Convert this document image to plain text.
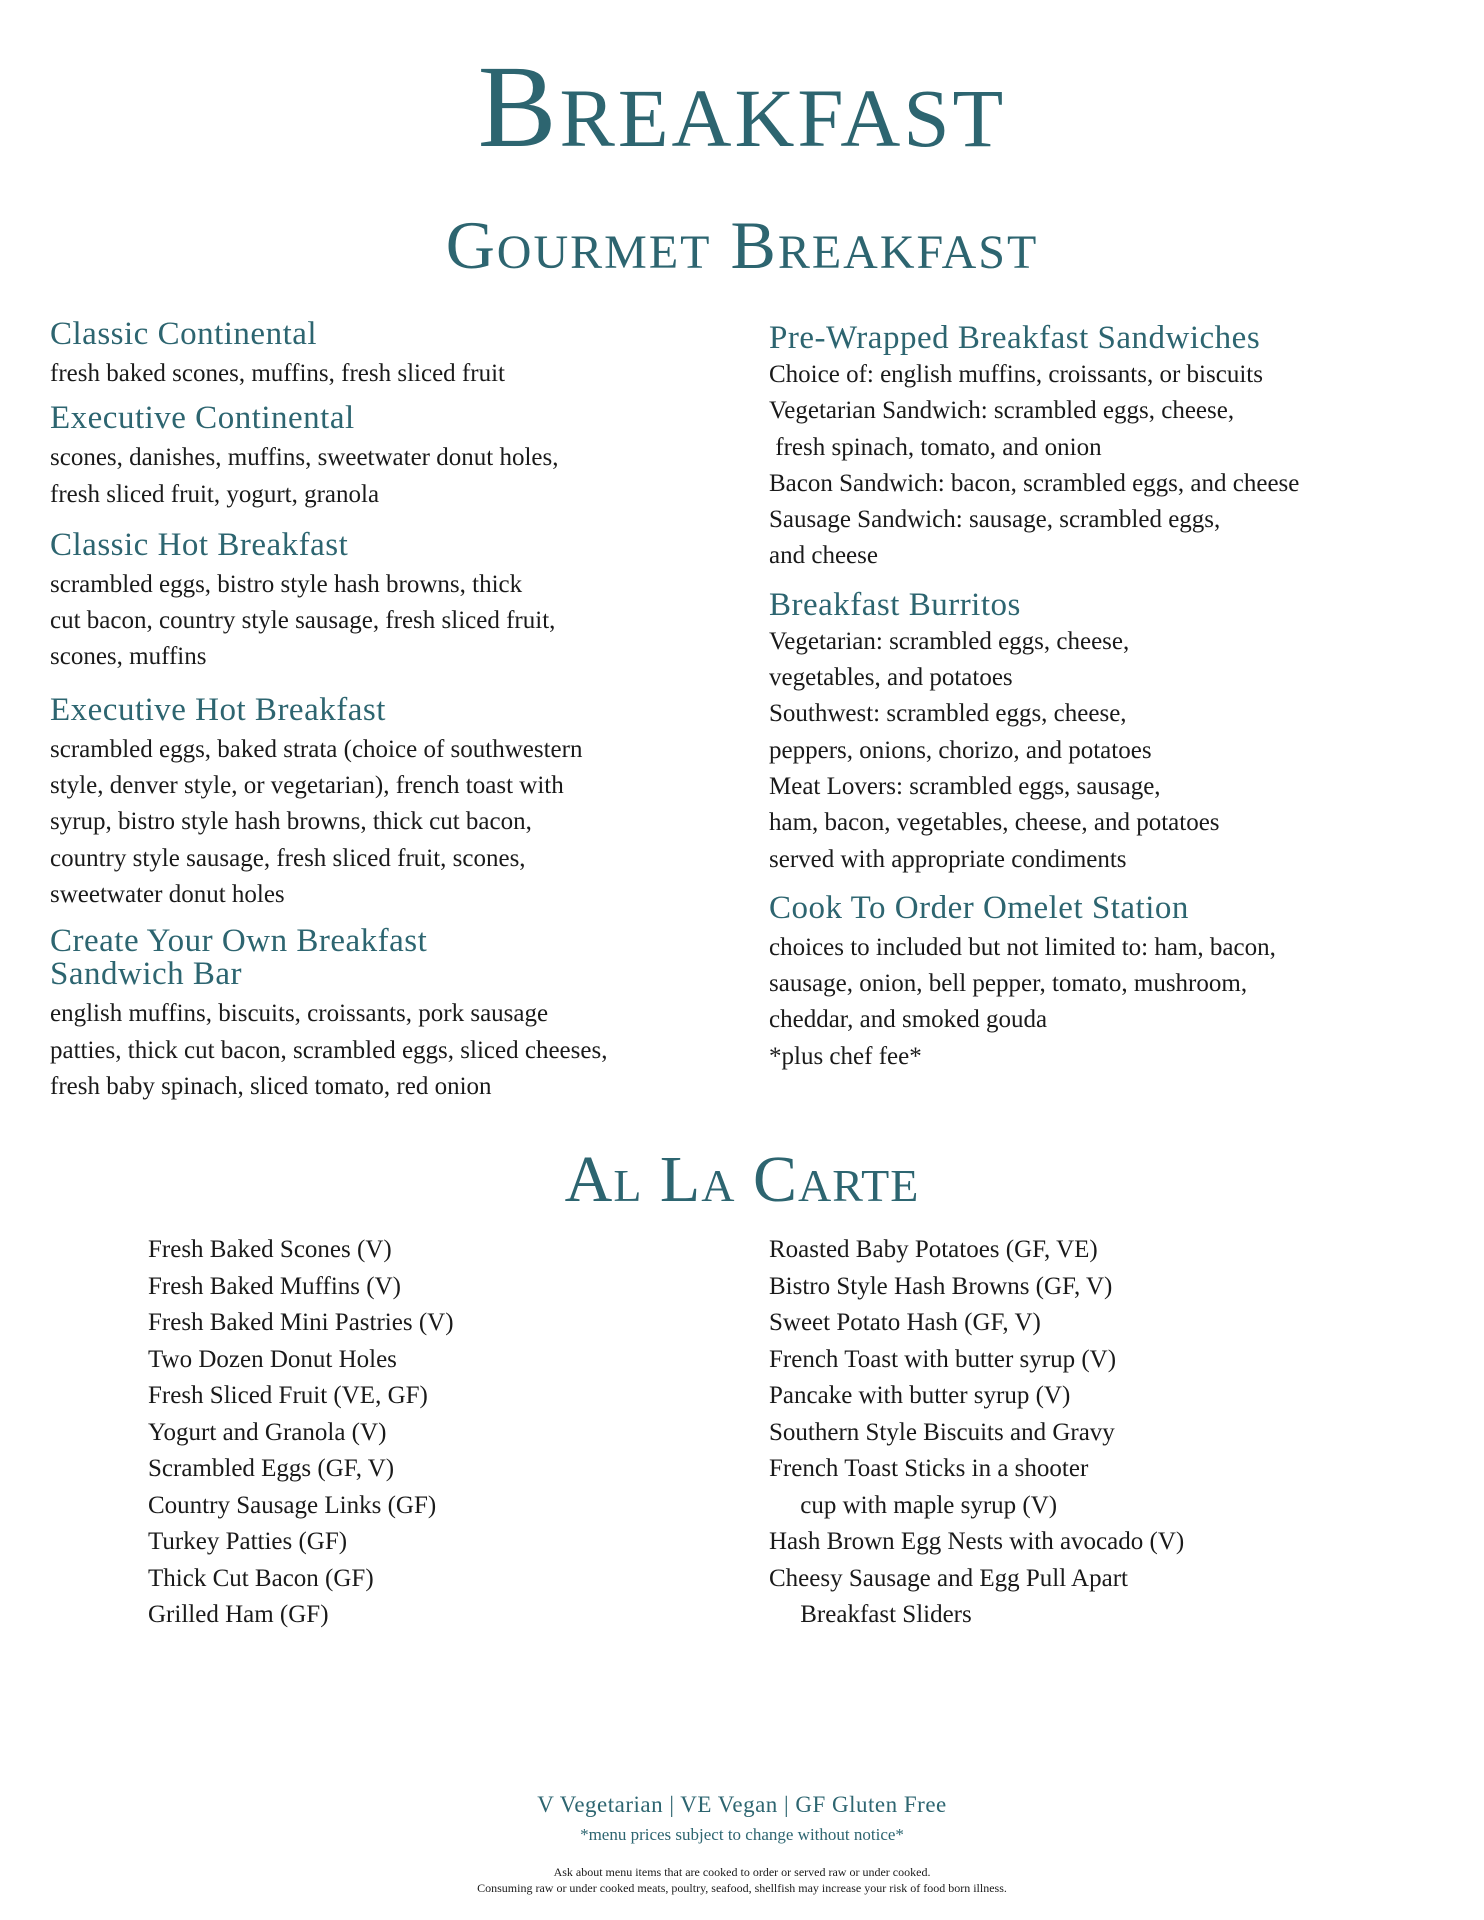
Breakfast
Gourmet Breakfast
Classic Continental

fresh baked scones, muffins, fresh sliced fruit

Executive Continental

scones, danishes, muffins, sweetwater donut holes,
fresh sliced fruit, yogurt, granola

Classic Hot Breakfast

scrambled eggs, bistro style hash browns, thick
cut bacon, country style sausage, fresh sliced fruit,
scones, muffins

Executive Hot Breakfast

scrambled eggs, baked strata (choice of southwestern
style, denver style, or vegetarian), french toast with
syrup, bistro style hash browns, thick cut bacon,
country style sausage, fresh sliced fruit, scones,
sweetwater donut holes

Create Your Own Breakfast
Sandwich Bar

english muffins, biscuits, croissants, pork sausage
patties, thick cut bacon, scrambled eggs, sliced cheeses,
fresh baby spinach, sliced tomato, red onion

Pre-Wrapped Breakfast Sandwiches

Choice of: english muffins, croissants, or biscuits
Vegetarian Sandwich: scrambled eggs, cheese,
fresh spinach, tomato, and onion
Bacon Sandwich: bacon, scrambled eggs, and cheese
Sausage Sandwich: sausage, scrambled eggs,
and cheese

Breakfast Burritos

Vegetarian: scrambled eggs, cheese,
vegetables, and potatoes
Southwest: scrambled eggs, cheese,
peppers, onions, chorizo, and potatoes
Meat Lovers: scrambled eggs, sausage,
ham, bacon, vegetables, cheese, and potatoes
served with appropriate condiments

Cook To Order Omelet Station

choices to included but not limited to: ham, bacon,
sausage, onion, bell pepper, tomato, mushroom,
cheddar, and smoked gouda
*plus chef fee*

Al La Carte
Fresh Baked Scones (V)
Fresh Baked Muffins (V)
Fresh Baked Mini Pastries (V)
Two Dozen Donut Holes
Fresh Sliced Fruit (VE, GF)
Yogurt and Granola (V)
Scrambled Eggs (GF, V)
Country Sausage Links (GF)
Turkey Patties (GF)
Thick Cut Bacon (GF)
Grilled Ham (GF)
Roasted Baby Potatoes (GF, VE)
Bistro Style Hash Browns (GF, V)
Sweet Potato Hash (GF, V)
French Toast with butter syrup (V)
Pancake with butter syrup (V)
Southern Style Biscuits and Gravy
French Toast Sticks in a shooter
cup with maple syrup (V)
Hash Brown Egg Nests with avocado (V)
Cheesy Sausage and Egg Pull Apart
Breakfast Sliders
V Vegetarian | VE Vegan | GF Gluten Free
*menu prices subject to change without notice*
Ask about menu items that are cooked to order or served raw or under cooked.
Consuming raw or under cooked meats, poultry, seafood, shellfish may increase your risk of food born illness.
